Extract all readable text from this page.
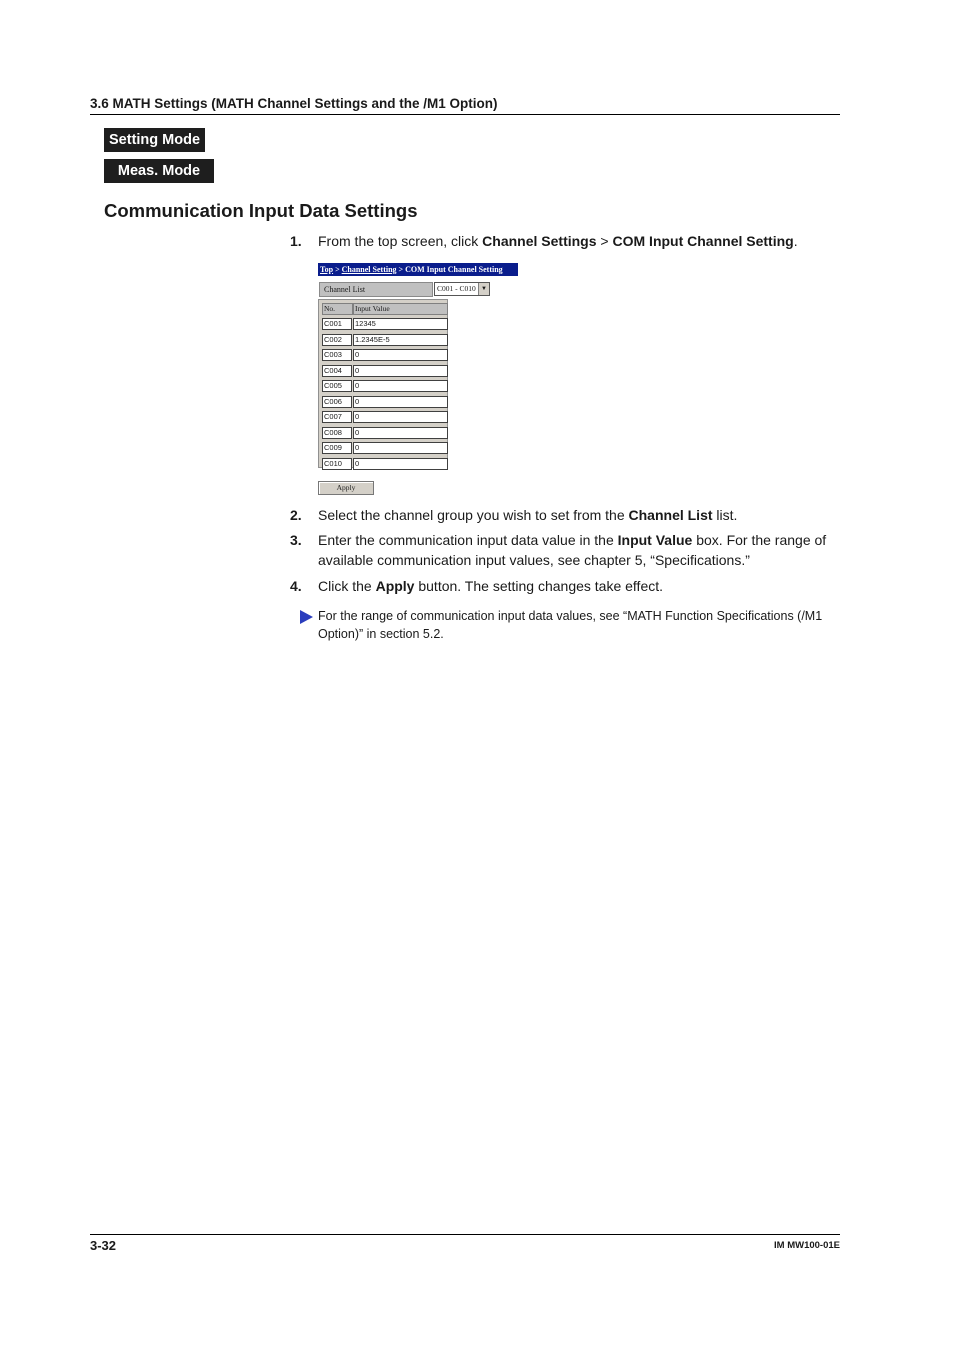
3.6 MATH Settings (MATH Channel Settings and the /M1 Option)
Setting Mode
Meas. Mode
Communication Input Data Settings
1. From the top screen, click Channel Settings > COM Input Channel Setting.
Top > Channel Setting > COM Input Channel Setting
Channel List	C001 - C010 ▼
No.	Input Value
C001	12345
C002	1.2345E-5
C003	0
C004	0
C005	0
C006	0
C007	0
C008	0
C009	0
C010	0
Apply
2. Select the channel group you wish to set from the Channel List list.
3. Enter the communication input data value in the Input Value box. For the range of available communication input values, see chapter 5, “Specifications.”
4. Click the Apply button. The setting changes take effect.
For the range of communication input data values, see “MATH Function Specifications (/M1 Option)” in section 5.2.
3-32	IM MW100-01E
